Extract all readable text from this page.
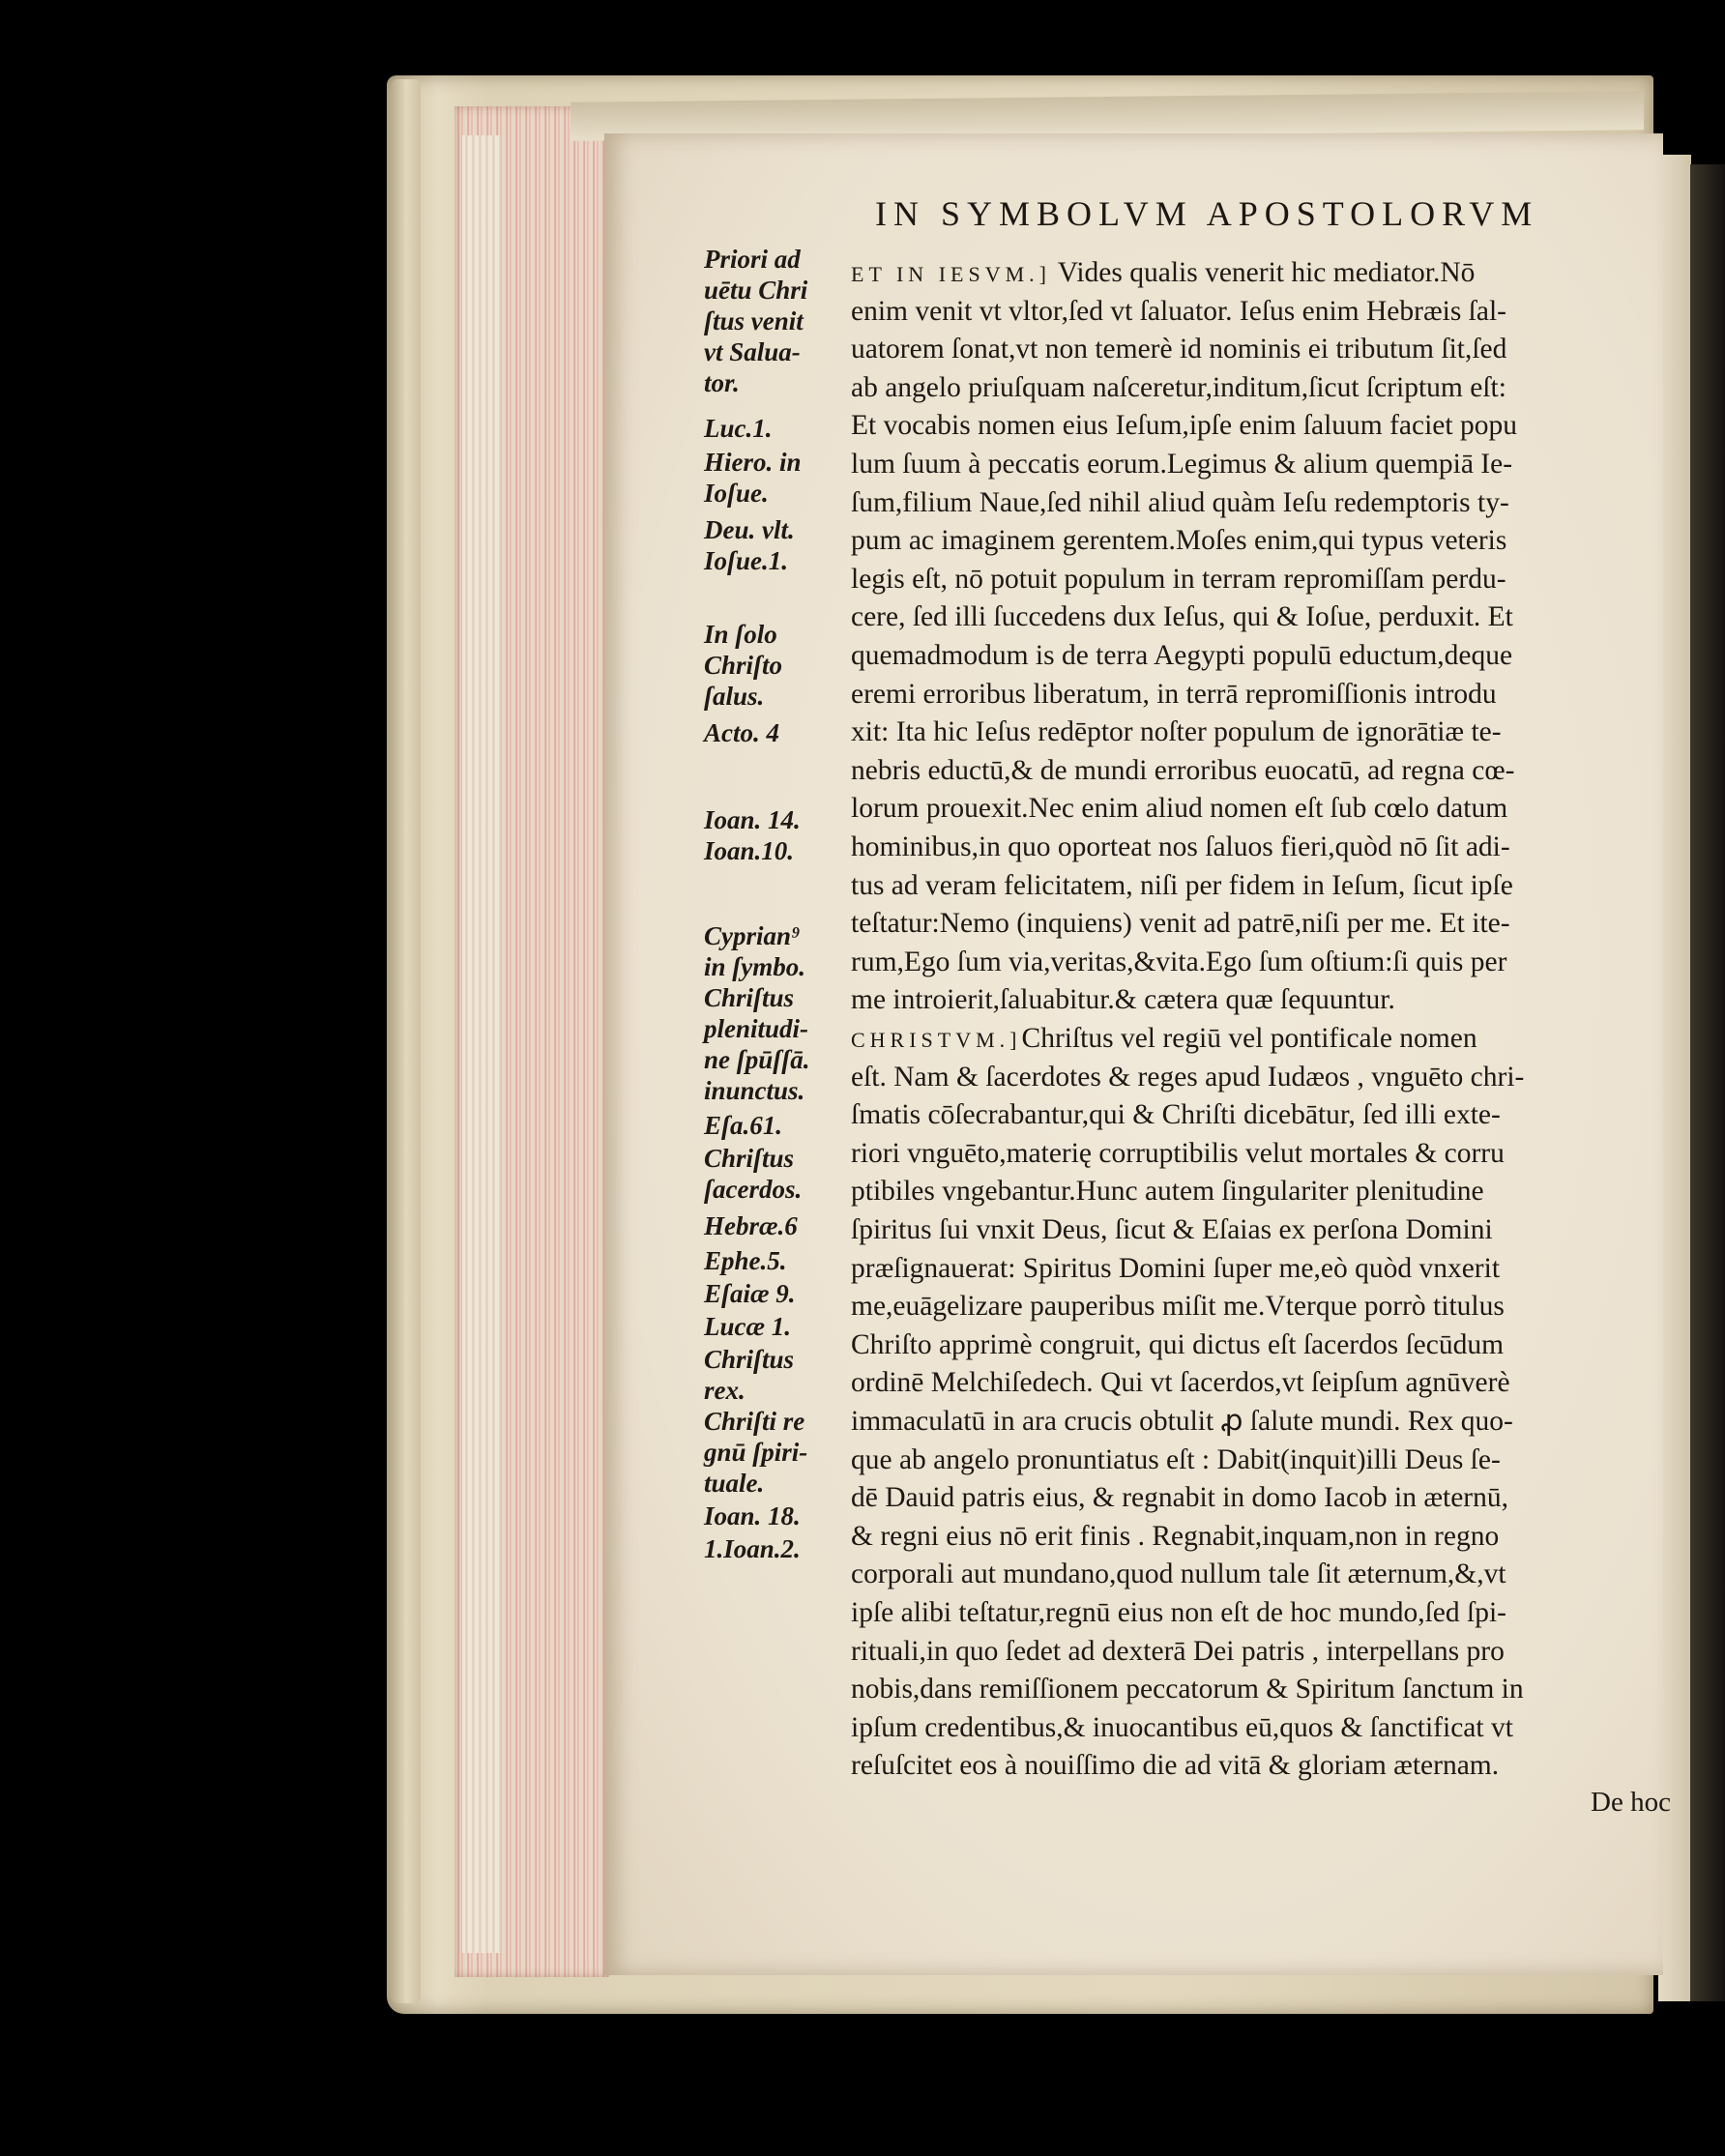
IN SYMBOLVM APOSTOLORVM
Priori ad
uētu Chri
ſtus venit
vt Salua-
tor.
Luc.1.
Hiero. in
Ioſue.
Deu. vlt.
Ioſue.1.
In ſolo
Chriſto
ſalus.
Acto. 4
Ioan. 14.
Ioan.10.
Cyprian⁹
in ſymbo.
Chriſtus
plenitudi-
ne ſpūſſā.
inunctus.
Eſa.61.
Chriſtus
ſacerdos.
Hebræ.6
Ephe.5.
Eſaiæ 9.
Lucæ 1.
Chriſtus
rex.
Chriſti re
gnū ſpiri-
tuale.
Ioan. 18.
1.Ioan.2.
ET IN IESVM.] Vides qualis venerit hic mediator.Nō
enim venit vt vltor,ſed vt ſaluator. Ieſus enim Hebræis ſal-
uatorem ſonat,vt non temerè id nominis ei tributum ſit,ſed
ab angelo priuſquam naſceretur,inditum,ſicut ſcriptum eſt:
Et vocabis nomen eius Ieſum,ipſe enim ſaluum faciet popu
lum ſuum à peccatis eorum.Legimus & alium quempiā Ie-
ſum,filium Naue,ſed nihil aliud quàm Ieſu redemptoris ty-
pum ac imaginem gerentem.Moſes enim,qui typus veteris
legis eſt, nō potuit populum in terram repromiſſam perdu-
cere, ſed illi ſuccedens dux Ieſus, qui & Ioſue, perduxit. Et
quemadmodum is de terra Aegypti populū eductum,deque
eremi erroribus liberatum, in terrā repromiſſionis introdu
xit: Ita hic Ieſus redēptor noſter populum de ignorātiæ te-
nebris eductū,& de mundi erroribus euocatū, ad regna cœ-
lorum prouexit.Nec enim aliud nomen eſt ſub cœlo datum
hominibus,in quo oporteat nos ſaluos fieri,quòd nō ſit adi-
tus ad veram felicitatem, niſi per fidem in Ieſum, ſicut ipſe
teſtatur:Nemo (inquiens) venit ad patrē,niſi per me. Et ite-
rum,Ego ſum via,veritas,&vita.Ego ſum oſtium:ſi quis per
me introierit,ſaluabitur.& cætera quæ ſequuntur.
CHRISTVM.]Chriſtus vel regiū vel pontificale nomen
eſt. Nam & ſacerdotes & reges apud Iudæos , vnguēto chri-
ſmatis cōſecrabantur,qui & Chriſti dicebātur, ſed illi exte-
riori vnguēto,materię corruptibilis velut mortales & corru
ptibiles vngebantur.Hunc autem ſingulariter plenitudine
ſpiritus ſui vnxit Deus, ſicut & Eſaias ex perſona Domini
præſignauerat: Spiritus Domini ſuper me,eò quòd vnxerit
me,euāgelizare pauperibus miſit me.Vterque porrò titulus
Chriſto apprimè congruit, qui dictus eſt ſacerdos ſecūdum
ordinē Melchiſedech. Qui vt ſacerdos,vt ſeipſum agnūverè
immaculatū in ara crucis obtulit ꝓ ſalute mundi. Rex quo-
que ab angelo pronuntiatus eſt : Dabit(inquit)illi Deus ſe-
dē Dauid patris eius, & regnabit in domo Iacob in æternū,
& regni eius nō erit finis . Regnabit,inquam,non in regno
corporali aut mundano,quod nullum tale ſit æternum,&,vt
ipſe alibi teſtatur,regnū eius non eſt de hoc mundo,ſed ſpi-
rituali,in quo ſedet ad dexterā Dei patris , interpellans pro
nobis,dans remiſſionem peccatorum & Spiritum ſanctum in
ipſum credentibus,& inuocantibus eū,quos & ſanctificat vt
reſuſcitet eos à nouiſſimo die ad vitā & gloriam æternam.
De hoc
